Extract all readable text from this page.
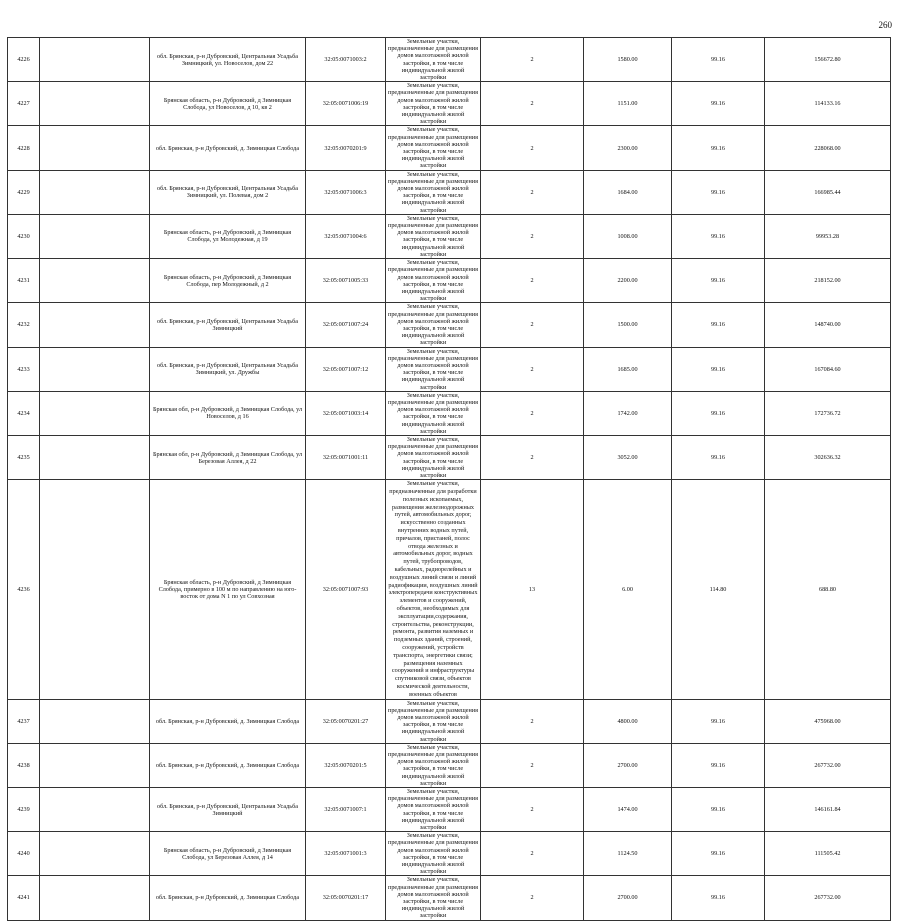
260
4226		обл. Брянская, р-н Дубровский, Центральная Усадьба Зимницкий, ул. Новоселов, дом 22	32:05:0071003:2	Земельные участки, предназначенные для размещения домов малоэтажной жилой застройки, в том числе индивидуальной жилой застройки	2	1580.00	99.16	156672.80
4227		Брянская область, р-н Дубровский, д Зимницкая Слобода, ул Новоселов, д 10, кв 2	32:05:0071006:19	Земельные участки, предназначенные для размещения домов малоэтажной жилой застройки, в том числе индивидуальной жилой застройки	2	1151.00	99.16	114133.16
4228		обл. Брянская, р-н Дубровский, д. Зимницкая Слобода	32:05:0070201:9	Земельные участки, предназначенные для размещения домов малоэтажной жилой застройки, в том числе индивидуальной жилой застройки	2	2300.00	99.16	228068.00
4229		обл. Брянская, р-н Дубровский, Центральная Усадьба Зимницкий, ул. Полевая, дом 2	32:05:0071006:3	Земельные участки, предназначенные для размещения домов малоэтажной жилой застройки, в том числе индивидуальной жилой застройки	2	1684.00	99.16	166985.44
4230		Брянская область, р-н Дубровский, д Зимницкая Слобода, ул Молодежная, д 19	32:05:0071004:6	Земельные участки, предназначенные для размещения домов малоэтажной жилой застройки, в том числе индивидуальной жилой застройки	2	1008.00	99.16	99953.28
4231		Брянская область, р-н Дубровский, д Зимницкая Слобода, пер Молодежный, д 2	32:05:0071005:33	Земельные участки, предназначенные для размещения домов малоэтажной жилой застройки, в том числе индивидуальной жилой застройки	2	2200.00	99.16	218152.00
4232		обл. Брянская, р-н Дубровский, Центральная Усадьба Зимницкий	32:05:0071007:24	Земельные участки, предназначенные для размещения домов малоэтажной жилой застройки, в том числе индивидуальной жилой застройки	2	1500.00	99.16	148740.00
4233		обл. Брянская, р-н Дубровский, Центральная Усадьба Зимницкий, ул. Дружбы	32:05:0071007:12	Земельные участки, предназначенные для размещения домов малоэтажной жилой застройки, в том числе индивидуальной жилой застройки	2	1685.00	99.16	167084.60
4234		Брянская обл, р-н Дубровский, д Зимницкая Слобода, ул Новоселов, д 16	32:05:0071003:14	Земельные участки, предназначенные для размещения домов малоэтажной жилой застройки, в том числе индивидуальной жилой застройки	2	1742.00	99.16	172736.72
4235		Брянская обл, р-н Дубровский, д Зимницкая Слобода, ул Березовая Аллея, д 22	32:05:0071001:11	Земельные участки, предназначенные для размещения домов малоэтажной жилой застройки, в том числе индивидуальной жилой застройки	2	3052.00	99.16	302636.32
4236		Брянская область, р-н Дубровский, д Зимницкая Слобода, примерно в 100 м по направлению на юго-восток от дома N 1 по ул Совхозная	32:05:0071007:93	Земельные участки, предназначенные для разработки полезных ископаемых, размещения железнодорожных путей, автомобильных дорог, искусственно созданных внутренних водных путей, причалов, пристаней, полос отвода железных и автомобильных дорог, водных путей, трубопроводов, кабельных, радиорелейных и воздушных линий связи и линий радиофикации, воздушных линий электропередачи конструктивных элементов и сооружений, объектов, необходимых для эксплуатации,содержания, строительства, реконструкции, ремонта, развития наземных и подземных зданий, строений, сооружений, устройств транспорта, энергетики связи; размещения наземных сооружений и инфраструктуры спутниковой связи, объектов космической деятельности, военных объектов	13	6.00	114.80	688.80
4237		обл. Брянская, р-н Дубровский, д. Зимницкая Слобода	32:05:0070201:27	Земельные участки, предназначенные для размещения домов малоэтажной жилой застройки, в том числе индивидуальной жилой застройки	2	4800.00	99.16	475968.00
4238		обл. Брянская, р-н Дубровский, д. Зимницкая Слобода	32:05:0070201:5	Земельные участки, предназначенные для размещения домов малоэтажной жилой застройки, в том числе индивидуальной жилой застройки	2	2700.00	99.16	267732.00
4239		обл. Брянская, р-н Дубровский, Центральная Усадьба Зимницкий	32:05:0071007:1	Земельные участки, предназначенные для размещения домов малоэтажной жилой застройки, в том числе индивидуальной жилой застройки	2	1474.00	99.16	146161.84
4240		Брянская область, р-н Дубровский, д Зимницкая Слобода, ул Березовая Аллея, д 14	32:05:0071001:3	Земельные участки, предназначенные для размещения домов малоэтажной жилой застройки, в том числе индивидуальной жилой застройки	2	1124.50	99.16	111505.42
4241		обл. Брянская, р-н Дубровский, д. Зимницкая Слобода	32:05:0070201:17	Земельные участки, предназначенные для размещения домов малоэтажной жилой застройки, в том числе индивидуальной жилой застройки	2	2700.00	99.16	267732.00
